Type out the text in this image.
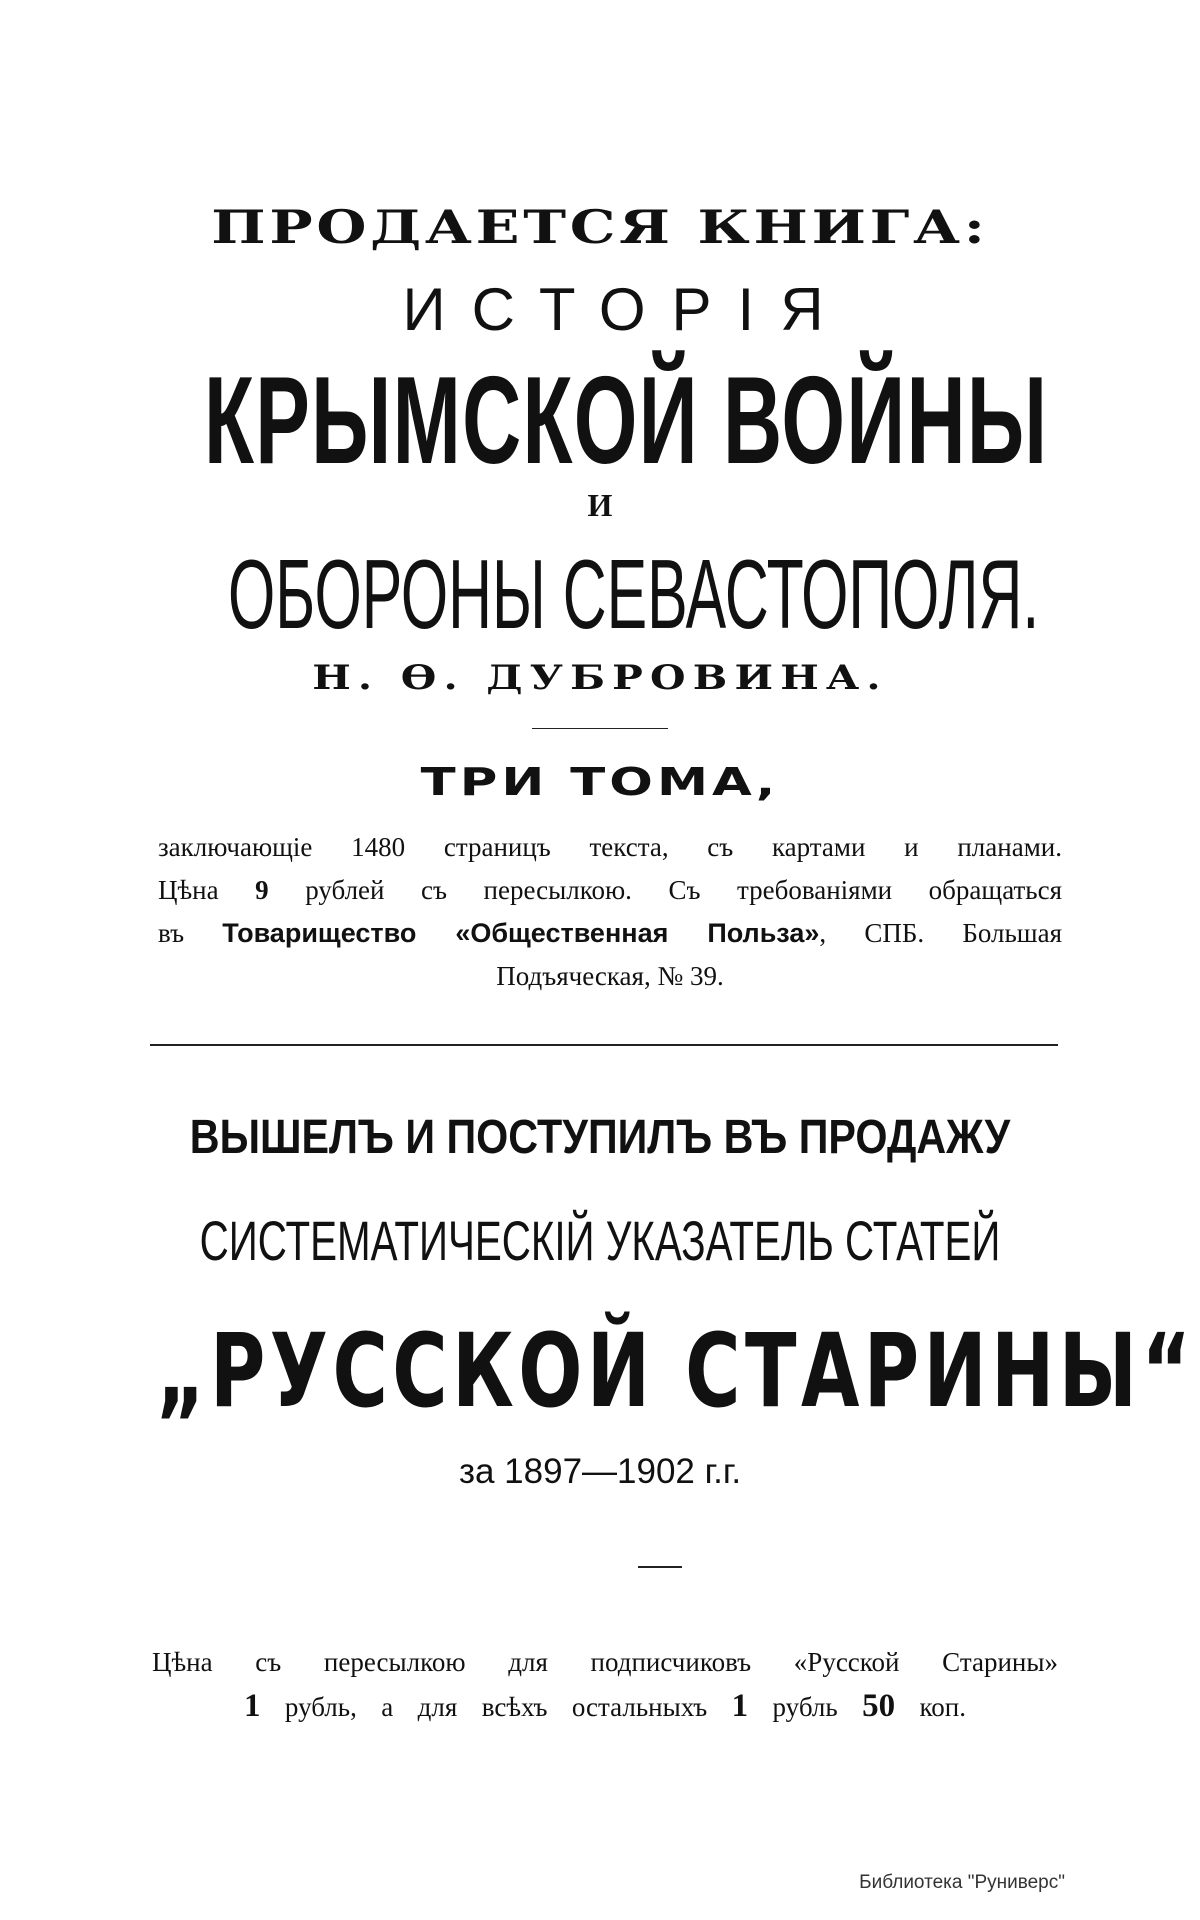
ПРОДАЕТСЯ КНИГА:
ИСТОРІЯ
КРЫМСКОЙ ВОЙНЫ
И
ОБОРОНЫ СЕВАСТОПОЛЯ.
Н. Ѳ. ДУБРОВИНА.
ТРИ ТОМА,
заключающіе 1480 страницъ текста, съ картами и планами.
Цѣна 9 рублей съ пересылкою. Съ требованіями обращаться
въ Товарищество «Общественная Польза», СПБ. Большая
Подъяческая, № 39.
ВЫШЕЛЪ И ПОСТУПИЛЪ ВЪ ПРОДАЖУ
СИСТЕМАТИЧЕСКІЙ УКАЗАТЕЛЬ СТАТЕЙ
„РУССКОЙ СТАРИНЫ“
за 1897—1902 г.г.
Цѣна съ пересылкою для подписчиковъ «Русской Старины»
1 рубль, а для всѣхъ остальныхъ 1 рубль 50 коп.
Библиотека "Руниверс"
